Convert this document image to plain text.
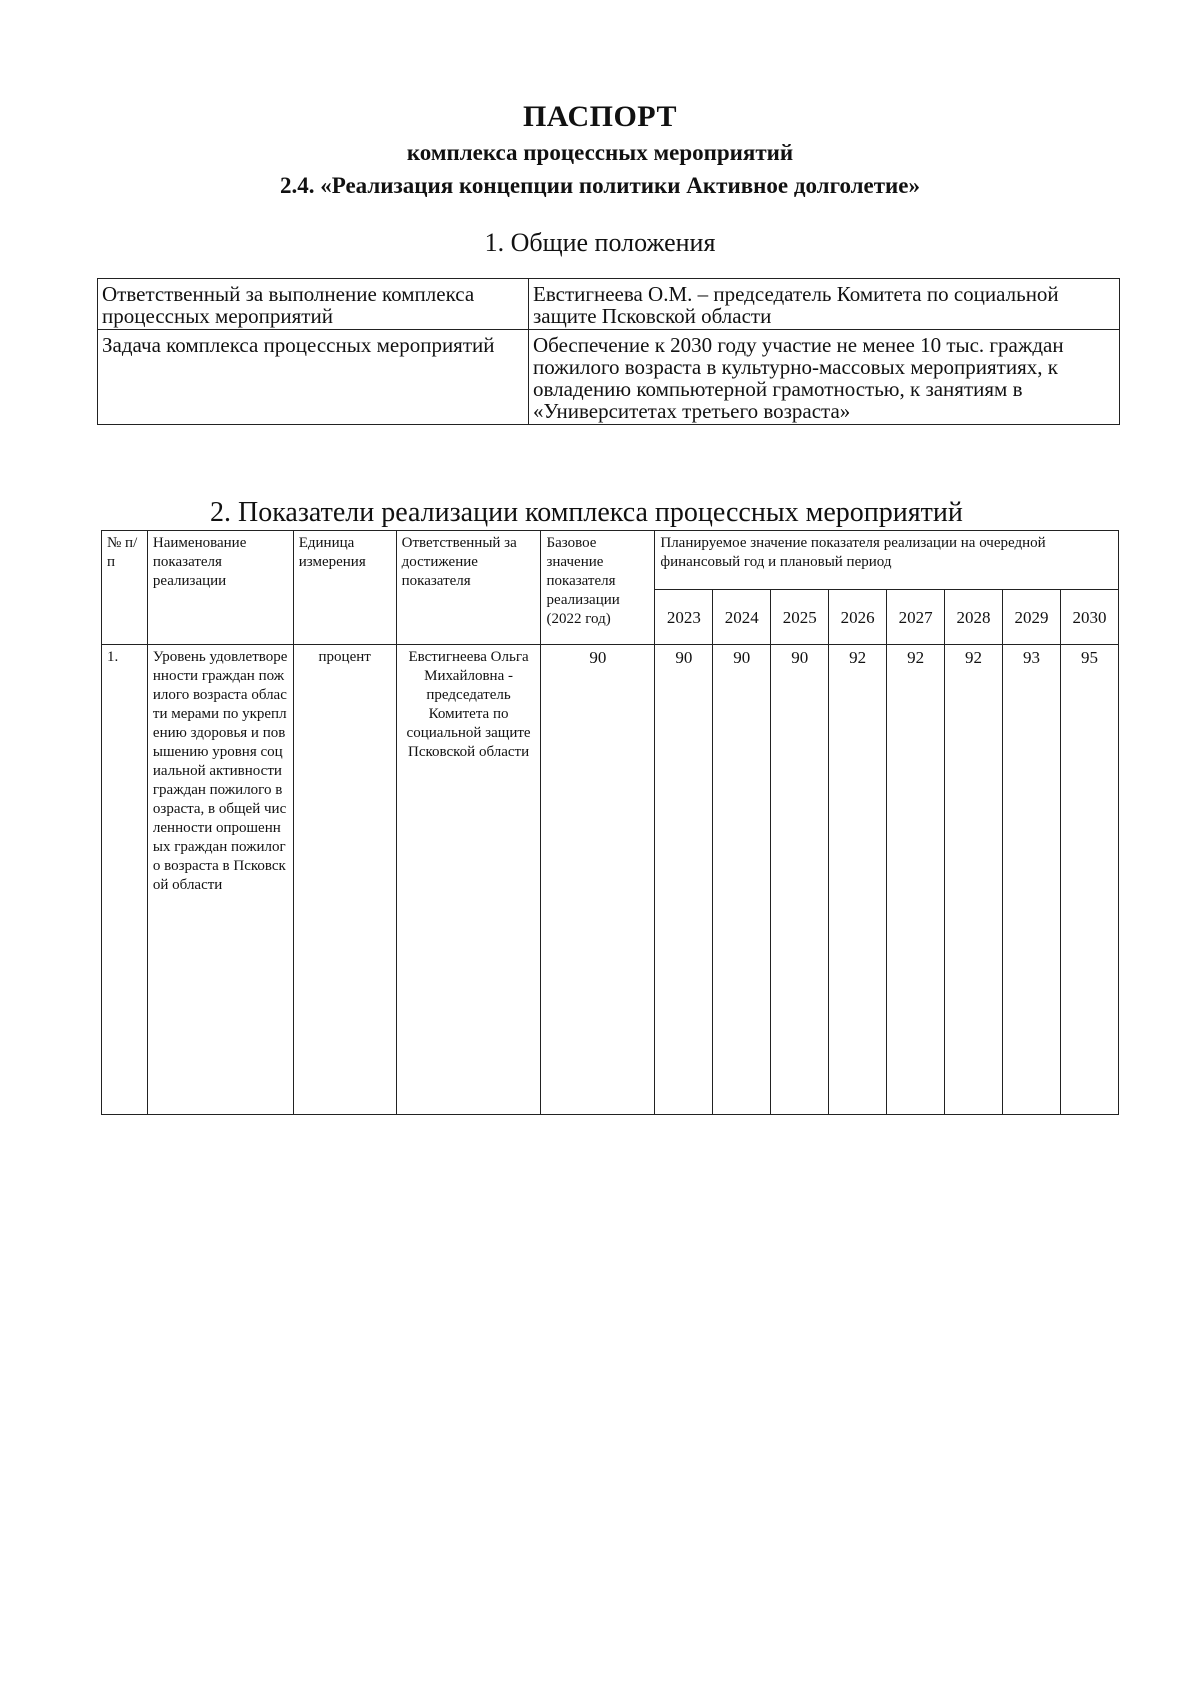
ПАСПОРТ
комплекса процессных мероприятий
2.4. «Реализация концепции политики Активное долголетие»
1. Общие положения
Ответственный за выполнение комплекса процессных мероприятий	Евстигнеева О.М. – председатель Комитета по социальной защите Псковской области
Задача комплекса процессных мероприятий	Обеспечение к 2030 году участие не менее 10 тыс. граждан пожилого возраста в культурно-массовых мероприятиях, к овладению компьютерной грамотностью, к занятиям в «Университетах третьего возраста»
2. Показатели реализации комплекса процессных мероприятий
№ п/п	Наименование показателя реализации	Единица измерения	Ответственный за достижение показателя	Базовое значение показателя реализации (2022 год)	Планируемое значение показателя реализации на очередной финансовый год и плановый период							
					2023	2024	2025	2026	2027	2028	2029	2030
1.	Уровень удовлетворенности граждан пожилого возраста области мерами по укреплению здоровья и повышению уровня социальной активности граждан пожилого возраста, в общей численности опрошенных граждан пожилого возраста в Псковской области	процент	Евстигнеева Ольга Михайловна - председатель Комитета по социальной защите Псковской области	90	90	90	90	92	92	92	93	95
